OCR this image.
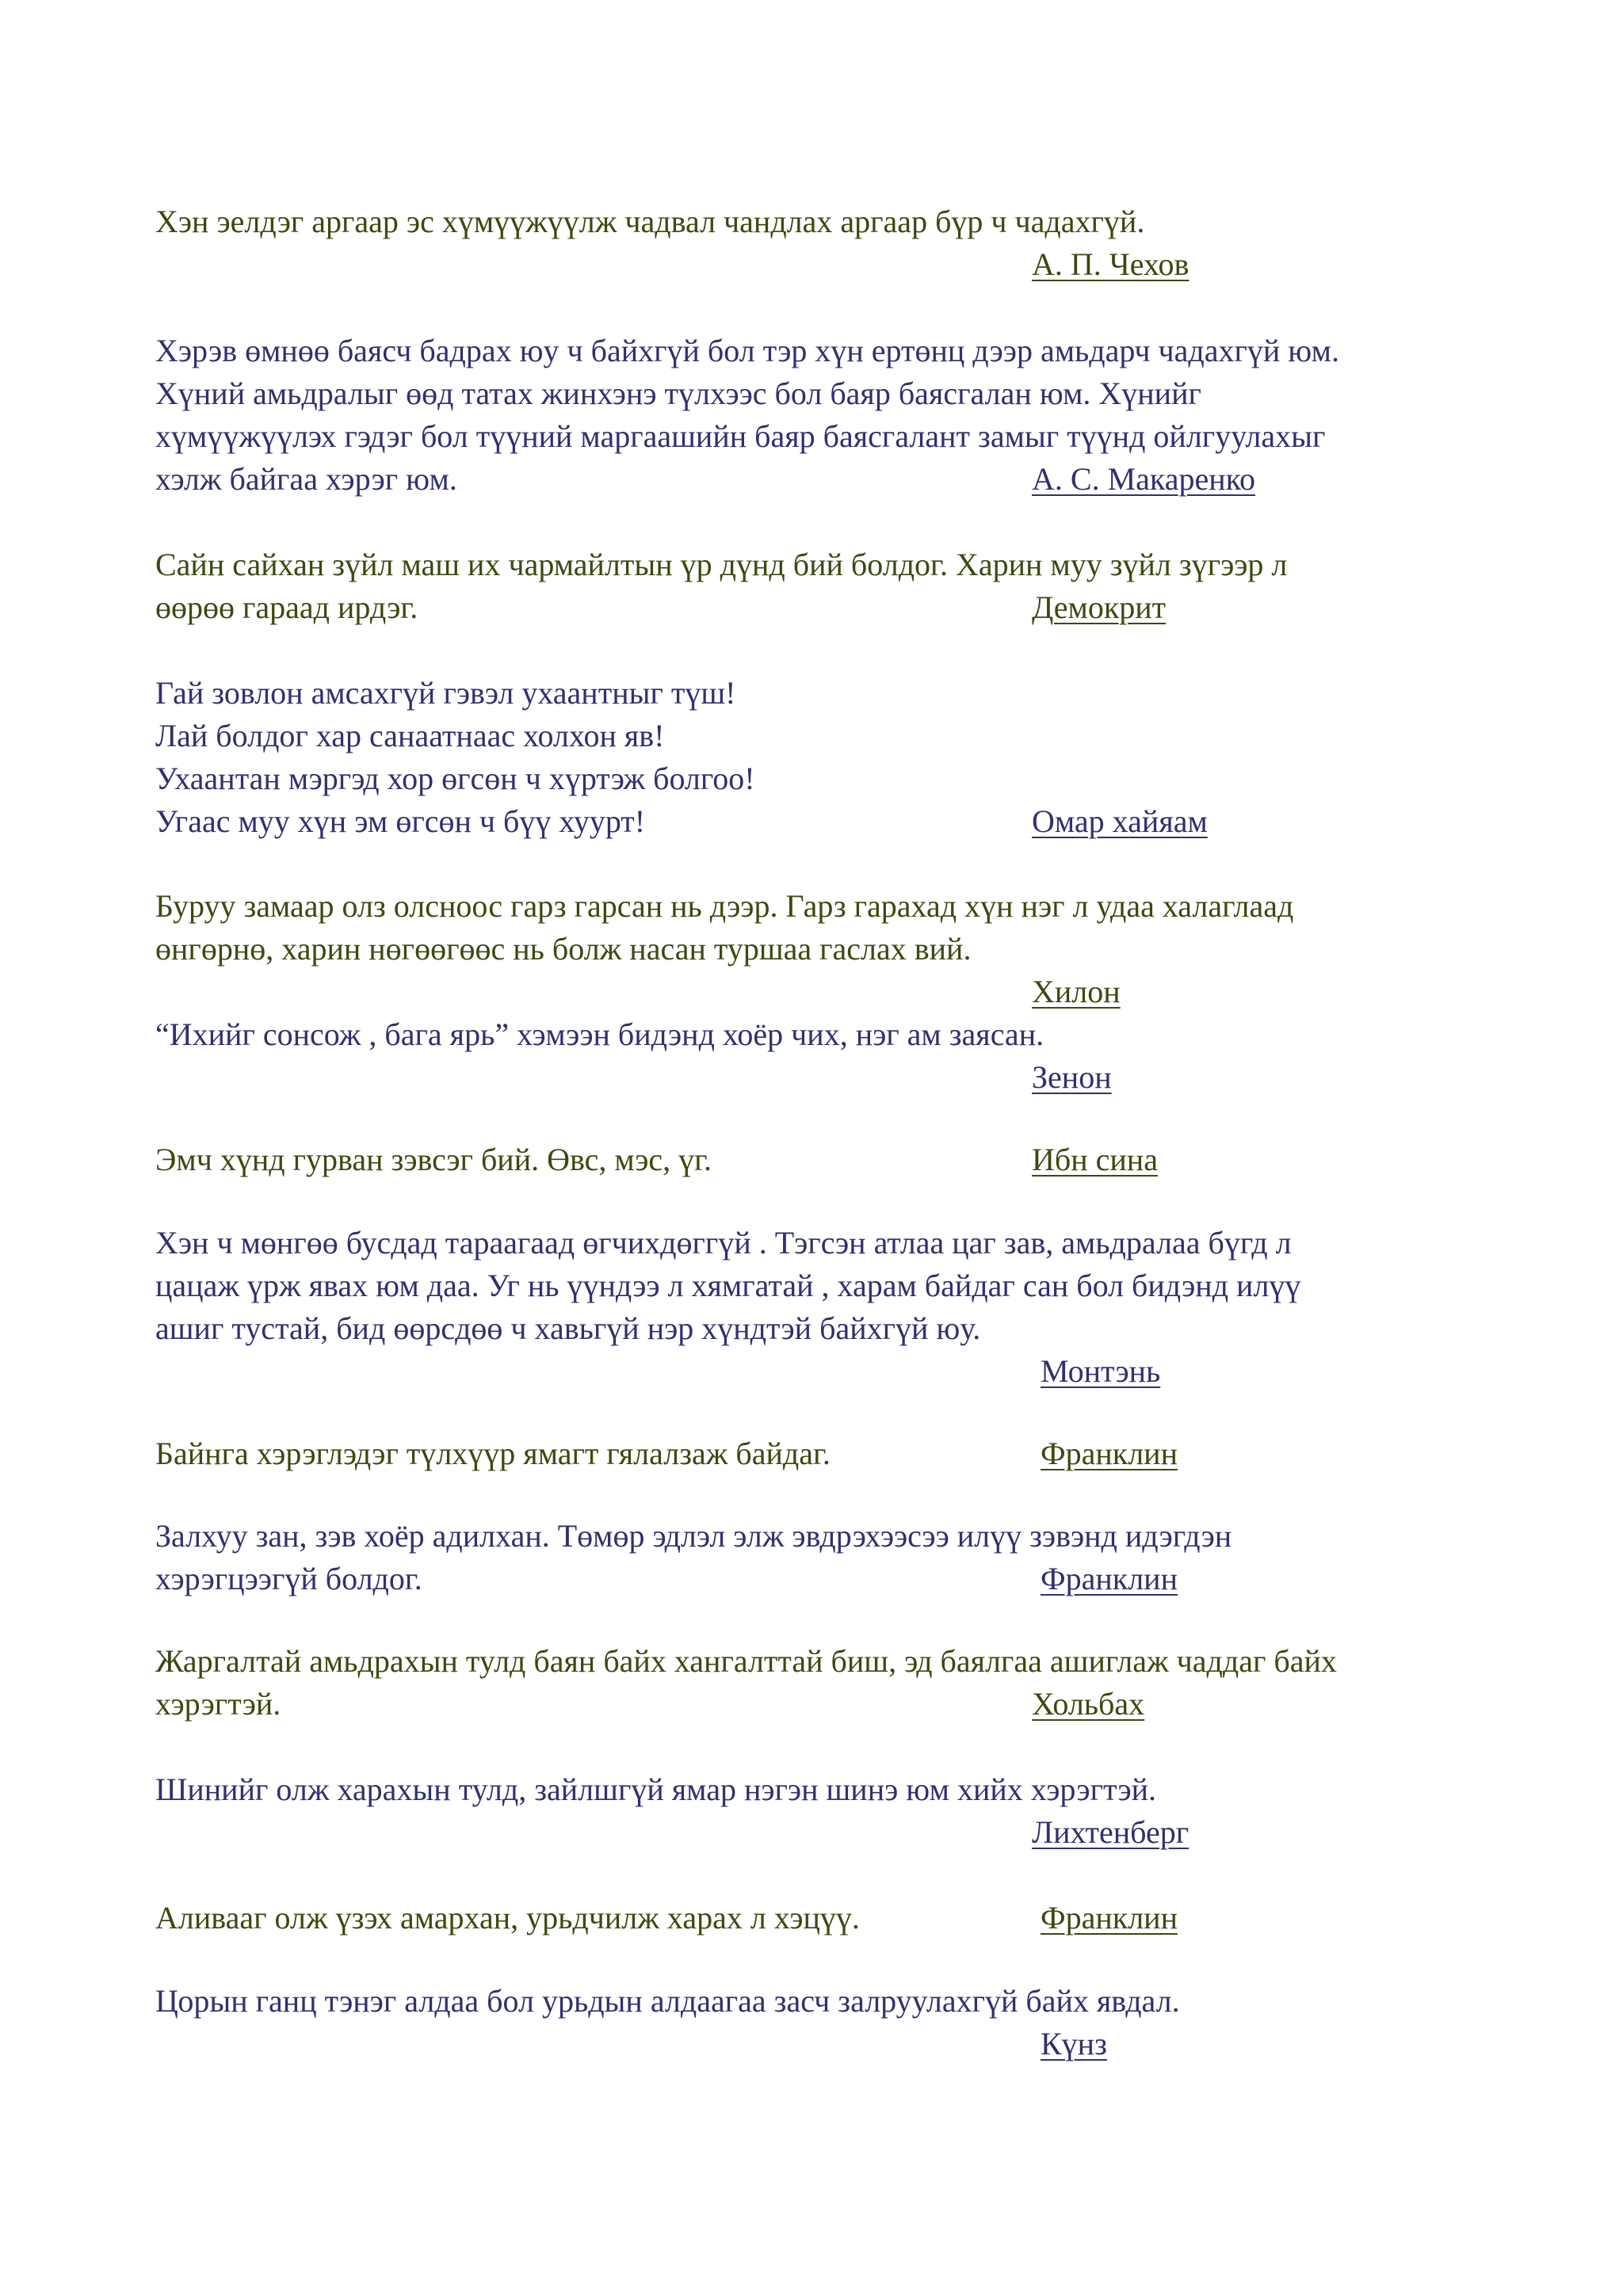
Хэн эелдэг аргаар эс хүмүүжүүлж чадвал чандлах аргаар бүр ч чадахгүй.
А. П. Чехов
Хэрэв өмнөө баясч бадрах юу ч байхгүй бол тэр хүн ертөнц дээр амьдарч чадахгүй юм.
Хүний амьдралыг өөд татах жинхэнэ түлхээс бол баяр баясгалан юм. Хүнийг
хүмүүжүүлэх гэдэг бол түүний маргаашийн баяр баясгалант замыг түүнд ойлгуулахыг
хэлж байгаа хэрэг юм.	А. С. Макаренко
Сайн сайхан зүйл маш их чармайлтын үр дүнд бий болдог. Харин муу зүйл зүгээр л
өөрөө гараад ирдэг.	Демокрит
Гай зовлон амсахгүй гэвэл ухаантныг түш!
Лай болдог хар санаатнаас холхон яв!
Ухаантан мэргэд хор өгсөн ч хүртэж болгоо!
Угаас муу хүн эм өгсөн ч бүү хуурт!	Омар хайяам
Буруу замаар олз олсноос гарз гарсан нь дээр. Гарз гарахад хүн нэг л удаа халаглаад
өнгөрнө, харин нөгөөгөөс нь болж насан туршаа гаслах вий.
Хилон
“Ихийг сонсож , бага ярь” хэмээн бидэнд хоёр чих, нэг ам заясан.
Зенон
Эмч хүнд гурван зэвсэг бий. Өвс, мэс, үг.	Ибн сина
Хэн ч мөнгөө бусдад тараагаад өгчихдөггүй . Тэгсэн атлаа цаг зав, амьдралаа бүгд л
цацаж үрж явах юм даа. Уг нь үүндээ л хямгатай , харам байдаг сан бол бидэнд илүү
ашиг тустай, бид өөрсдөө ч хавьгүй нэр хүндтэй байхгүй юу.
Монтэнь
Байнга хэрэглэдэг түлхүүр ямагт гялалзаж байдаг.	Франклин
Залхуу зан, зэв хоёр адилхан. Төмөр эдлэл элж эвдрэхээсээ илүү зэвэнд идэгдэн
хэрэгцээгүй болдог.	Франклин
Жаргалтай амьдрахын тулд баян байх хангалттай биш, эд баялгаа ашиглаж чаддаг байх
хэрэгтэй.	Хольбах
Шинийг олж харахын тулд, зайлшгүй ямар нэгэн шинэ юм хийх хэрэгтэй.
Лихтенберг
Аливааг олж үзэх амархан, урьдчилж харах л хэцүү.	Франклин
Цорын ганц тэнэг алдаа бол урьдын алдаагаа засч залруулахгүй байх явдал.
Күнз
